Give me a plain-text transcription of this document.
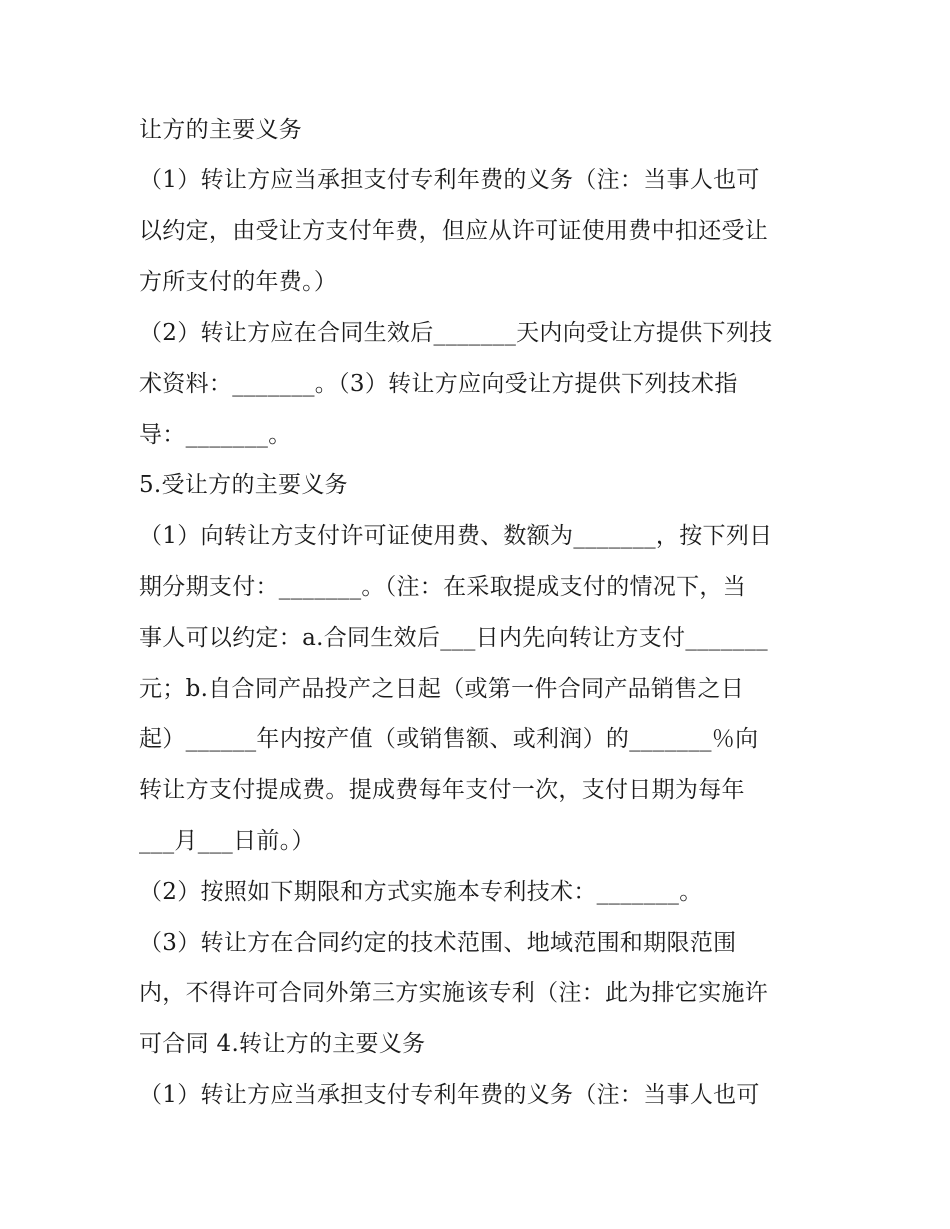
让方的主要义务
（1）转让方应当承担支付专利年费的义务（注：当事人也可
以约定，由受让方支付年费，但应从许可证使用费中扣还受让
方所支付的年费。）
（2）转让方应在合同生效后_______天内向受让方提供下列技
术资料：_______。（3）转让方应向受让方提供下列技术指
导：_______。
5.受让方的主要义务
（1）向转让方支付许可证使用费、数额为_______，按下列日
期分期支付：_______。（注：在采取提成支付的情况下，当
事人可以约定：a.合同生效后___日内先向转让方支付_______
元；b.自合同产品投产之日起（或第一件合同产品销售之日
起）______年内按产值（或销售额、或利润）的_______％向
转让方支付提成费。提成费每年支付一次，支付日期为每年
___月___日前。）
（2）按照如下期限和方式实施本专利技术：_______。
（3）转让方在合同约定的技术范围、地域范围和期限范围
内，不得许可合同外第三方实施该专利（注：此为排它实施许
可合同 4.转让方的主要义务
（1）转让方应当承担支付专利年费的义务（注：当事人也可
